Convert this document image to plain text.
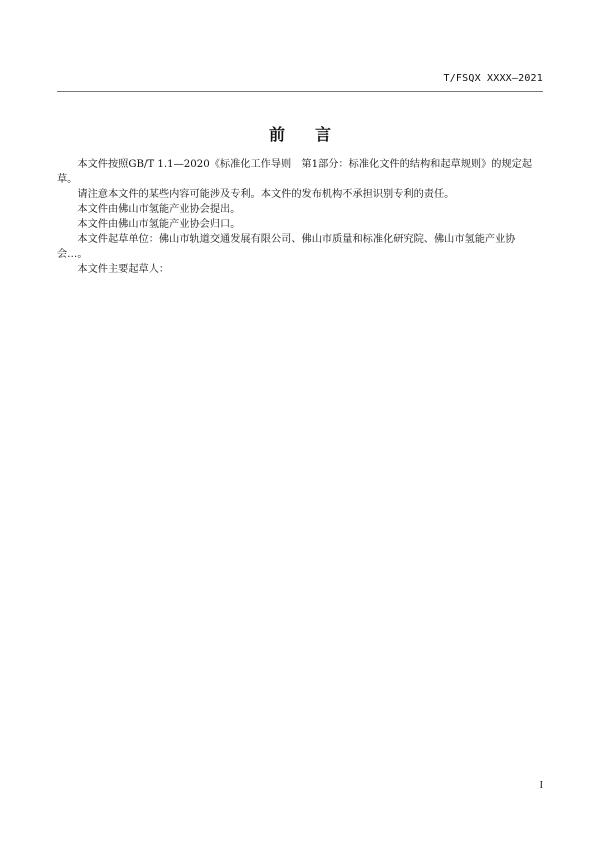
T/FSQX XXXX—2021
前 言

本文件按照GB/T 1.1—2020《标准化工作导则　第1部分：标准化文件的结构和起草规则》的规定起草。

请注意本文件的某些内容可能涉及专利。本文件的发布机构不承担识别专利的责任。

本文件由佛山市氢能产业协会提出。

本文件由佛山市氢能产业协会归口。

本文件起草单位：佛山市轨道交通发展有限公司、佛山市质量和标准化研究院、佛山市氢能产业协会…。

本文件主要起草人：

I
